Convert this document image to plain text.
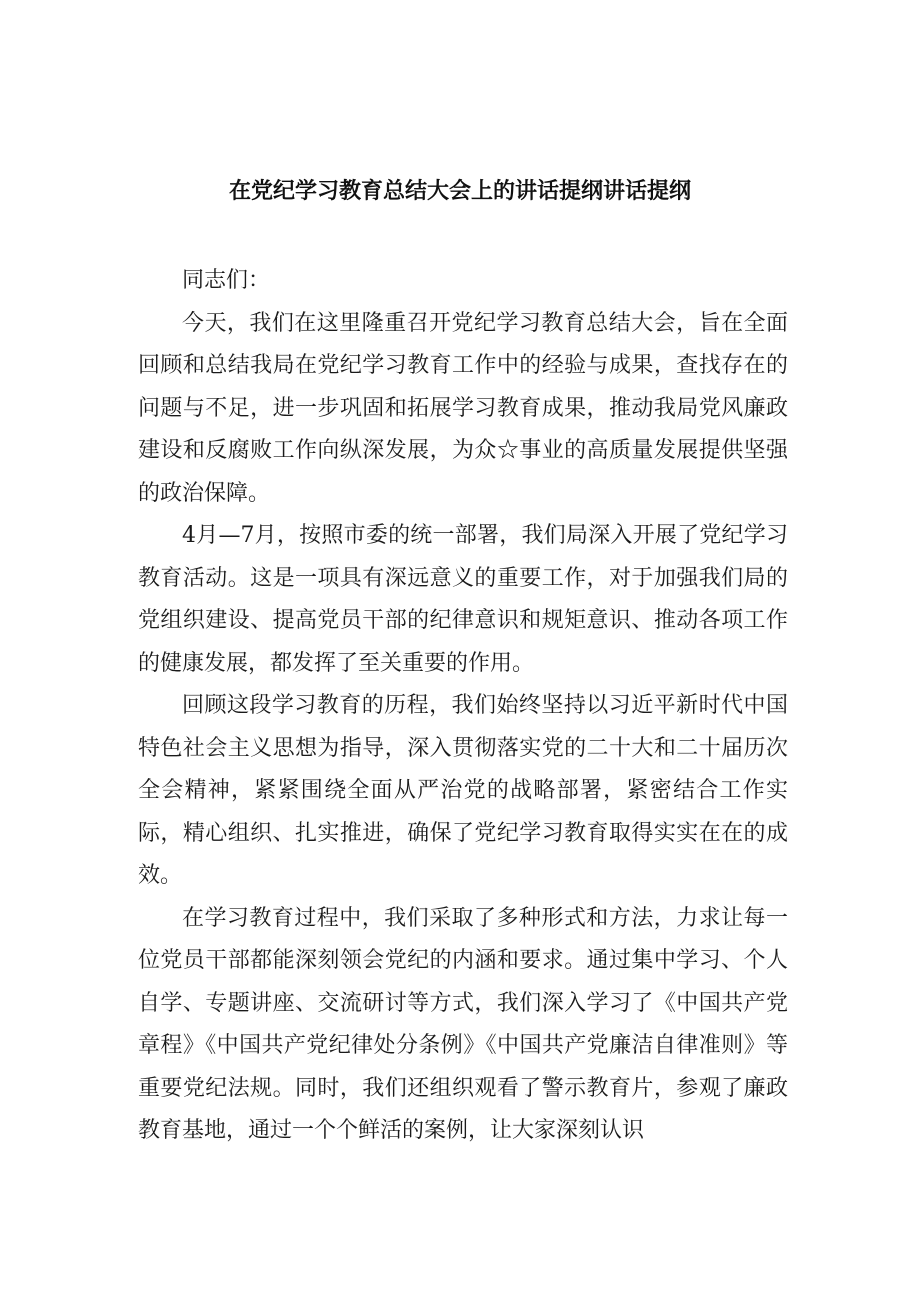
在党纪学习教育总结大会上的讲话提纲讲话提纲

同志们：

今天，我们在这里隆重召开党纪学习教育总结大会，旨在全面回顾和总结我局在党纪学习教育工作中的经验与成果，查找存在的问题与不足，进一步巩固和拓展学习教育成果，推动我局党风廉政建设和反腐败工作向纵深发展，为众☆事业的高质量发展提供坚强的政治保障。

4月—7月，按照市委的统一部署，我们局深入开展了党纪学习教育活动。这是一项具有深远意义的重要工作，对于加强我们局的党组织建设、提高党员干部的纪律意识和规矩意识、推动各项工作的健康发展，都发挥了至关重要的作用。

回顾这段学习教育的历程，我们始终坚持以习近平新时代中国特色社会主义思想为指导，深入贯彻落实党的二十大和二十届历次全会精神，紧紧围绕全面从严治党的战略部署，紧密结合工作实际，精心组织、扎实推进，确保了党纪学习教育取得实实在在的成效。

在学习教育过程中，我们采取了多种形式和方法，力求让每一位党员干部都能深刻领会党纪的内涵和要求。通过集中学习、个人自学、专题讲座、交流研讨等方式，我们深入学习了《中国共产党章程》《中国共产党纪律处分条例》《中国共产党廉洁自律准则》等重要党纪法规。同时，我们还组织观看了警示教育片，参观了廉政教育基地，通过一个个鲜活的案例，让大家深刻认识
